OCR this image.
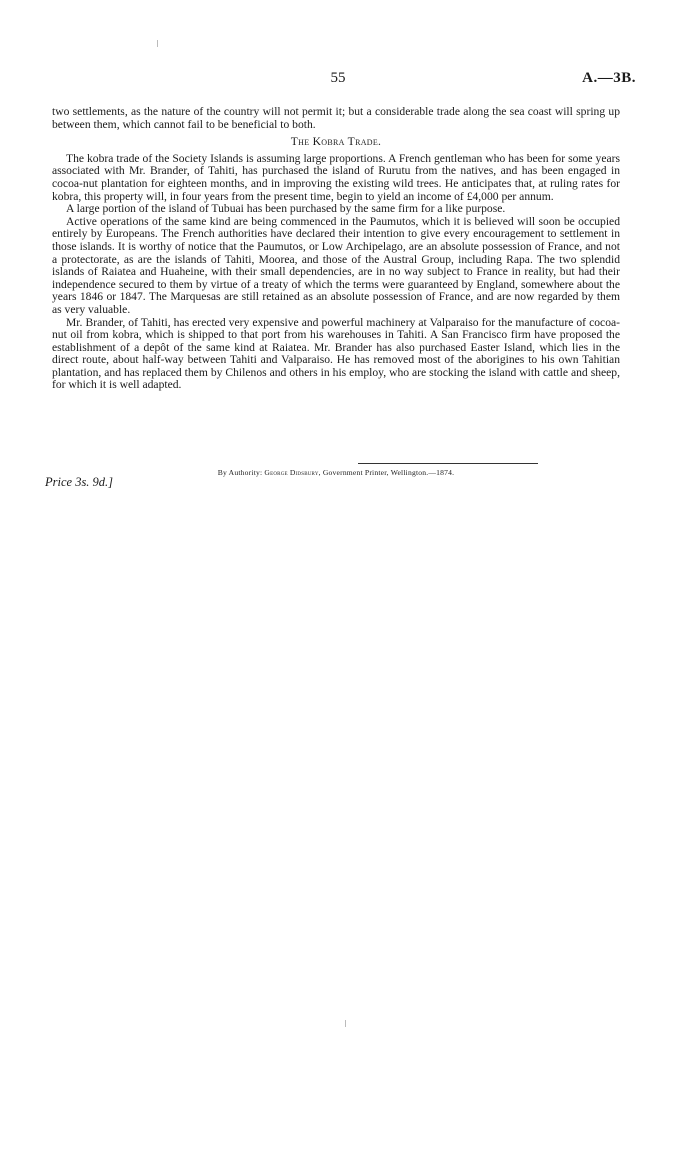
55	A.—3B.

two settlements, as the nature of the country will not permit it; but a considerable trade along the sea coast will spring up between them, which cannot fail to be beneficial to both.

The Kobra Trade.

The kobra trade of the Society Islands is assuming large proportions. A French gentleman who has been for some years associated with Mr. Brander, of Tahiti, has purchased the island of Rurutu from the natives, and has been engaged in cocoa-nut plantation for eighteen months, and in improving the existing wild trees. He anticipates that, at ruling rates for kobra, this property will, in four years from the present time, begin to yield an income of £4,000 per annum.

A large portion of the island of Tubuai has been purchased by the same firm for a like purpose.

Active operations of the same kind are being commenced in the Paumutos, which it is believed will soon be occupied entirely by Europeans. The French authorities have declared their intention to give every encouragement to settlement in those islands. It is worthy of notice that the Paumutos, or Low Archipelago, are an absolute possession of France, and not a protectorate, as are the islands of Tahiti, Moorea, and those of the Austral Group, including Rapa. The two splendid islands of Raiatea and Huaheine, with their small dependencies, are in no way subject to France in reality, but had their independence secured to them by virtue of a treaty of which the terms were guaranteed by England, somewhere about the years 1846 or 1847. The Marquesas are still retained as an absolute possession of France, and are now regarded by them as very valuable.

Mr. Brander, of Tahiti, has erected very expensive and powerful machinery at Valparaiso for the manufacture of cocoa-nut oil from kobra, which is shipped to that port from his warehouses in Tahiti. A San Francisco firm have proposed the establishment of a depôt of the same kind at Raiatea. Mr. Brander has also purchased Easter Island, which lies in the direct route, about half-way between Tahiti and Valparaiso. He has removed most of the aborigines to his own Tahitian plantation, and has replaced them by Chilenos and others in his employ, who are stocking the island with cattle and sheep, for which it is well adapted.

By Authority: George Didsbury, Government Printer, Wellington.—1874.
Price 3s. 9d.]
